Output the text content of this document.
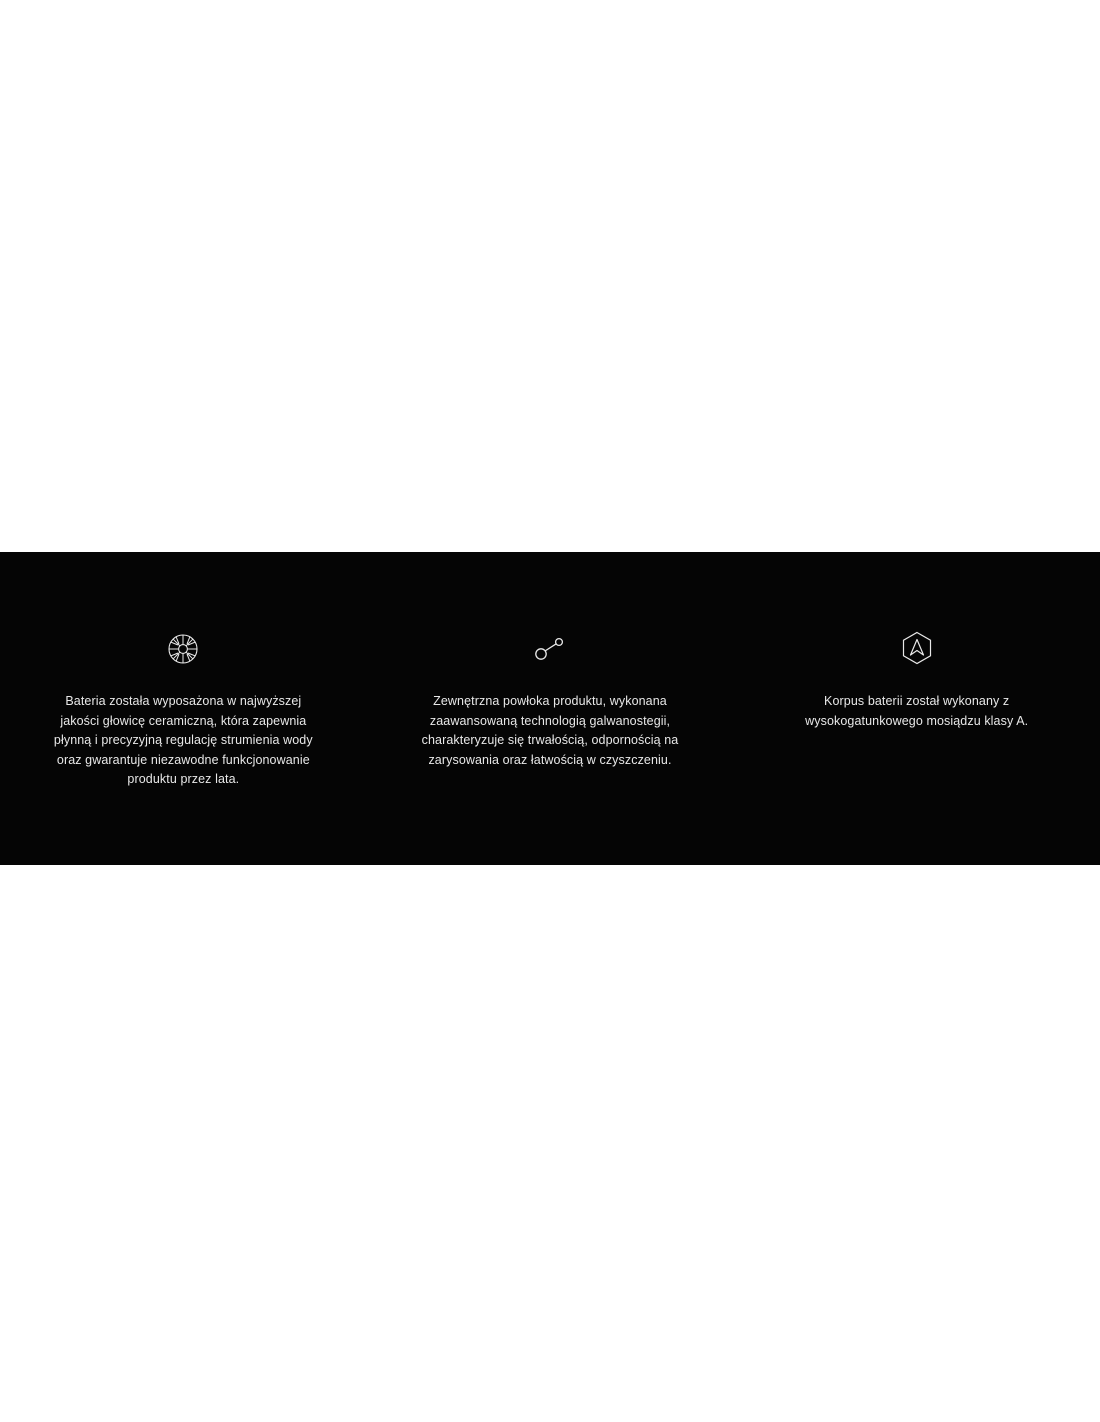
Bateria została wyposażona w najwyższej jakości głowicę ceramiczną, która zapewnia płynną i precyzyjną regulację strumienia wody oraz gwarantuje niezawodne funkcjonowanie produktu przez lata.
Zewnętrzna powłoka produktu, wykonana zaawansowaną technologią galwanostegii, charakteryzuje się trwałością, odpornością na zarysowania oraz łatwością w czyszczeniu.
Korpus baterii został wykonany z wysokogatunkowego mosiądzu klasy A.
